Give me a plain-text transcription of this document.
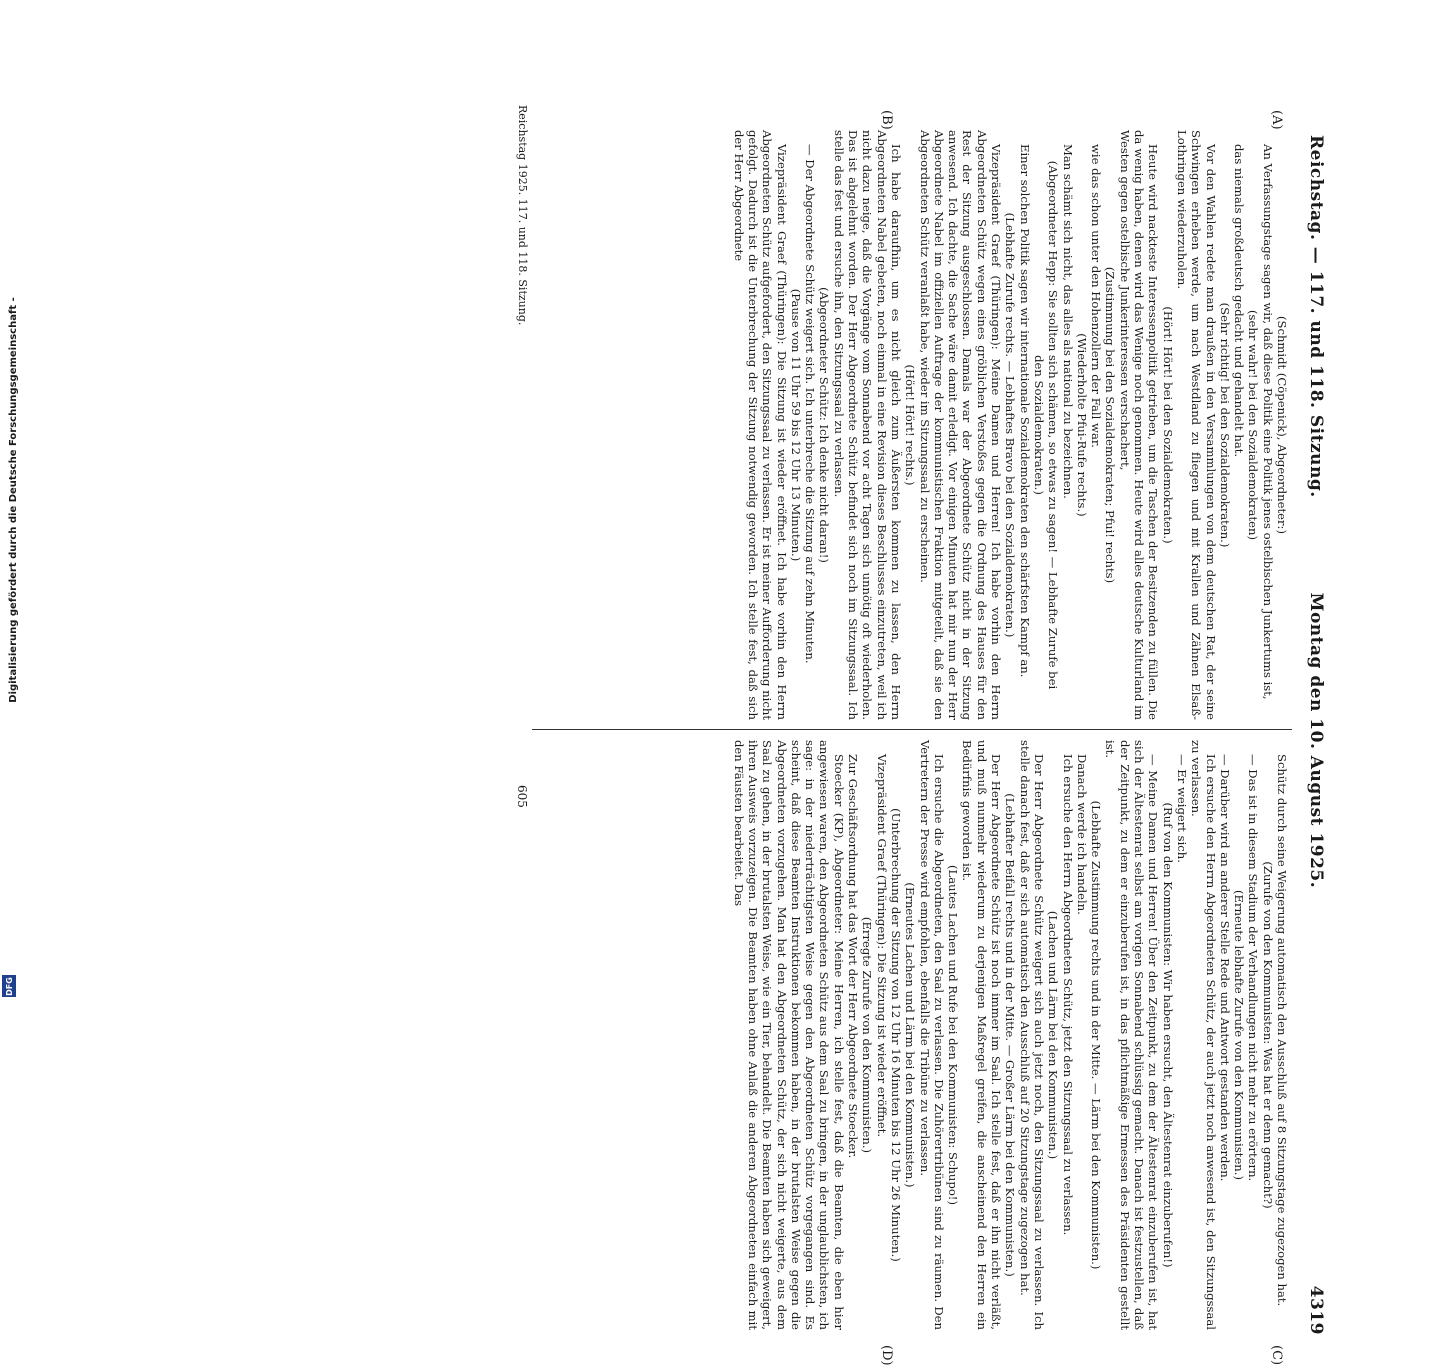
Reichstag. — 117. und 118. Sitzung.
Montag den 10. August 1925.
4319
(A)
(B)
(C)
(D)

(Schmidt (Cöpenick), Abgeordneter:)

An Verfassungstage sagen wir, daß diese Politik eine Politik jenes ostelbischen Junkertums ist,

(sehr wahr! bei den Sozialdemokraten)

das niemals großdeutsch gedacht und gehandelt hat.

(Sehr richtig! bei den Sozialdemokraten.)

Vor den Wahlen redete man draußen in den Versammlungen von dem deutschen Rat, der seine Schwingen erheben werde, um nach Westdland zu fliegen und mit Krallen und Zähnen Elsaß-Lothringen wiederzuholen.

(Hört! Hört! bei den Sozialdemokraten.)

Heute wird nackteste Interessenpolitik getrieben, um die Taschen der Besitzenden zu füllen. Die da wenig haben, denen wird das Wenige noch genommen. Heute wird alles deutsche Kulturland im Westen gegen ostelbische Junkerinteressen verschachert,

(Zustimmung bei den Sozialdemokraten; Pfui! rechts)

wie das schon unter den Hohenzollern der Fall war.

(Wiederholte Pfui-Rufe rechts.)

Man schämt sich nicht, das alles als national zu bezeichnen.

(Abgeordneter Hepp: Sie sollten sich schämen, so etwas zu sagen! — Lebhafte Zurufe bei den Sozialdemokraten.)

Einer solchen Politik sagen wir internationale Sozialdemokraten den schärfsten Kampf an.

(Lebhafte Zurufe rechts. — Lebhaftes Bravo bei den Sozialdemokraten.)

Vizepräsident Graef (Thüringen): Meine Damen und Herren! Ich habe vorhin den Herrn Abgeordneten Schütz wegen eines gröblichen Verstoßes gegen die Ordnung des Hauses für den Rest der Sitzung ausgeschlossen. Damals war der Abgeordnete Schütz nicht in der Sitzung anwesend. Ich dachte, die Sache wäre damit erledigt. Vor einigen Minuten hat mir nun der Herr Abgeordnete Nabel im offiziellen Auftrage der kommunistischen Fraktion mitgeteilt, daß sie den Abgeordneten Schütz veranlaßt habe, wieder im Sitzungssaal zu erscheinen.

(Hört! Hört! rechts.)

Ich habe daraufhin, um es nicht gleich zum Äußersten kommen zu lassen, den Herrn Abgeordneten Nabel gebeten, noch einmal in eine Revision dieses Beschlusses einzutreten, weil ich nicht dazu neige, daß die Vorgänge vom Sonnabend vor acht Tagen sich unnötig oft wiederholen. Das ist abgelehnt worden. Der Herr Abgeordnete Schütz befindet sich noch im Sitzungssaal. Ich stelle das fest und ersuche ihn, den Sitzungssaal zu verlassen.

(Abgeordneter Schütz: Ich denke nicht daran!)

— Der Abgeordnete Schütz weigert sich. Ich unterbreche die Sitzung auf zehn Minuten.

(Pause von 11 Uhr 59 bis 12 Uhr 13 Minuten.)

Vizepräsident Graef (Thüringen): Die Sitzung ist wieder eröffnet. Ich habe vorhin den Herrn Abgeordneten Schütz aufgefordert, den Sitzungssaal zu verlassen. Er ist meiner Aufforderung nicht gefolgt. Dadurch ist die Unterbrechung der Sitzung notwendig geworden. Ich stelle fest, daß sich der Herr Abgeordnete

Schütz durch seine Weigerung automatisch den Ausschluß auf 8 Sitzungstage zugezogen hat.

(Zurufe von den Kommunisten: Was hat er denn gemacht?)

— Das ist in diesem Stadium der Verhandlungen nicht mehr zu erörtern.

(Erneute lebhafte Zurufe von den Kommunisten.)

— Darüber wird an anderer Stelle Rede und Antwort gestanden werden.

Ich ersuche den Herrn Abgeordneten Schütz, der auch jetzt noch anwesend ist, den Sitzungssaal zu verlassen.

— Er weigert sich.

(Ruf von den Kommunisten: Wir haben ersucht, den Ältestenrat einzuberufen!)

— Meine Damen und Herren! Über den Zeitpunkt, zu dem der Ältestenrat einzuberufen ist, hat sich der Ältestenrat selbst am vorigen Sonnabend schlüssig gemacht. Danach ist festzustellen, daß der Zeitpunkt, zu dem er einzuberufen ist, in das pflichtmäßige Ermessen des Präsidenten gestellt ist.

(Lebhafte Zustimmung rechts und in der Mitte. — Lärm bei den Kommunisten.)

Danach werde ich handeln.

Ich ersuche den Herrn Abgeordneten Schütz, jetzt den Sitzungssaal zu verlassen.

(Lachen und Lärm bei den Kommunisten.)

Der Herr Abgeordnete Schütz weigert sich auch jetzt noch, den Sitzungssaal zu verlassen. Ich stelle danach fest, daß er sich automatisch den Ausschluß auf 20 Sitzungstage zugezogen hat.

(Lebhafter Beifall rechts und in der Mitte. — Großer Lärm bei den Kommunisten.)

Der Herr Abgeordnete Schütz ist noch immer im Saal. Ich stelle fest, daß er ihn nicht verläßt, und muß nunmehr wiederum zu derjenigen Maßregel greifen, die anscheinend den Herren ein Bedürfnis geworden ist.

(Lautes Lachen und Rufe bei den Kommunisten: Schupo!)

Ich ersuche die Abgeordneten, den Saal zu verlassen. Die Zuhörertribünen sind zu räumen. Den Vertretern der Presse wird empfohlen, ebenfalls die Tribüne zu verlassen.

(Erneutes Lachen und Lärm bei den Kommunisten.)

(Unterbrechung der Sitzung von 12 Uhr 16 Minuten bis 12 Uhr 26 Minuten.)

Vizepräsident Graef (Thüringen): Die Sitzung ist wieder eröffnet.

(Erregte Zurufe von den Kommunisten.)

Zur Geschäftsordnung hat das Wort der Herr Abgeordnete Stoecker.

Stoecker (KP), Abgeordneter: Meine Herren, ich stelle fest, daß die Beamten, die eben hier angewiesen waren, den Abgeordneten Schütz aus dem Saal zu bringen, in der unglaublichsten, ich sage: in der niederträchtigsten Weise gegen den Abgeordneten Schütz vorgegangen sind. Es scheint, daß diese Beamten Instruktionen bekommen haben, in der brutalsten Weise gegen die Abgeordneten vorzugehen. Man hat den Abgeordneten Schütz, der sich nicht weigerte, aus dem Saal zu gehen, in der brutalsten Weise, wie ein Tier, behandelt. Die Beamten haben sich geweigert, ihren Ausweis vorzuzeigen. Die Beamten haben ohne Anlaß die anderen Abgeordneten einfach mit den Fäusten bearbeitet. Das

Reichstag 1925. 117. und 118. Sitzung.
605
Digitalisierung gefördert durch die Deutsche Forschungsgemeinschaft -
DFG
